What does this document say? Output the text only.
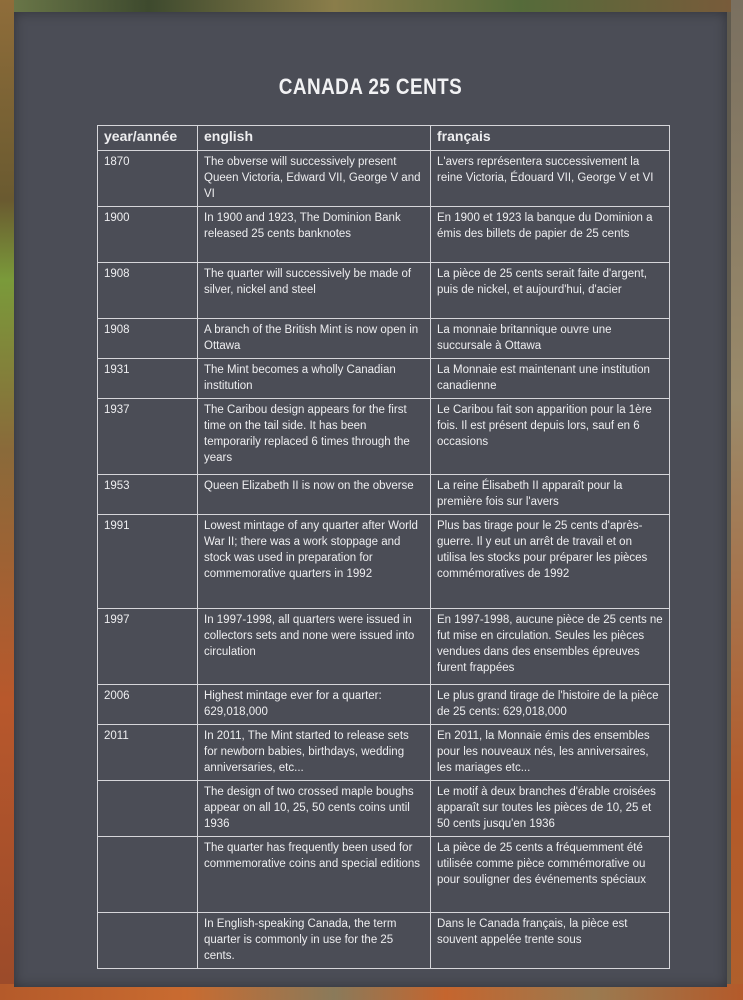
CANADA 25 CENTS
year/année	english	français
1870	The obverse will successively present Queen Victoria, Edward VII, George V and VI	L'avers représentera successivement la reine Victoria, Édouard VII, George V et VI
1900	In 1900 and 1923, The Dominion Bank released 25 cents banknotes	En 1900 et 1923 la banque du Dominion a émis des billets de papier de 25 cents
1908	The quarter will successively be made of silver, nickel and steel	La pièce de 25 cents serait faite d'argent, puis de nickel, et aujourd'hui, d'acier
1908	A branch of the British Mint is now open in Ottawa	La monnaie britannique ouvre une succursale à Ottawa
1931	The Mint becomes a wholly Canadian institution	La Monnaie est maintenant une institution canadienne
1937	The Caribou design appears for the first time on the tail side. It has been temporarily replaced 6 times through the years	Le Caribou fait son apparition pour la 1ère fois. Il est présent depuis lors, sauf en 6 occasions
1953	Queen Elizabeth II is now on the obverse	La reine Élisabeth II apparaît pour la première fois sur l'avers
1991	Lowest mintage of any quarter after World War II; there was a work stoppage and stock was used in preparation for commemorative quarters in 1992	Plus bas tirage pour le 25 cents d'après-guerre. Il y eut un arrêt de travail et on utilisa les stocks pour préparer les pièces commémoratives de 1992
1997	In 1997-1998, all quarters were issued in collectors sets and none were issued into circulation	En 1997-1998, aucune pièce de 25 cents ne fut mise en circulation. Seules les pièces vendues dans des ensembles épreuves furent frappées
2006	Highest mintage ever for a quarter: 629,018,000	Le plus grand tirage de l'histoire de la pièce de 25 cents: 629,018,000
2011	In 2011, The Mint started to release sets for newborn babies, birthdays, wedding anniversaries, etc...	En 2011, la Monnaie émis des ensembles pour les nouveaux nés, les anniversaires, les mariages etc...
	The design of two crossed maple boughs appear on all 10, 25, 50 cents coins until 1936	Le motif à deux branches d'érable croisées apparaît sur toutes les pièces de 10, 25 et 50 cents jusqu'en 1936
	The quarter has frequently been used for commemorative coins and special editions	La pièce de 25 cents a fréquemment été utilisée comme pièce commémorative ou pour souligner des événements spéciaux
	In English-speaking Canada, the term quarter is commonly in use for the 25 cents.	Dans le Canada français, la pièce est souvent appelée trente sous
